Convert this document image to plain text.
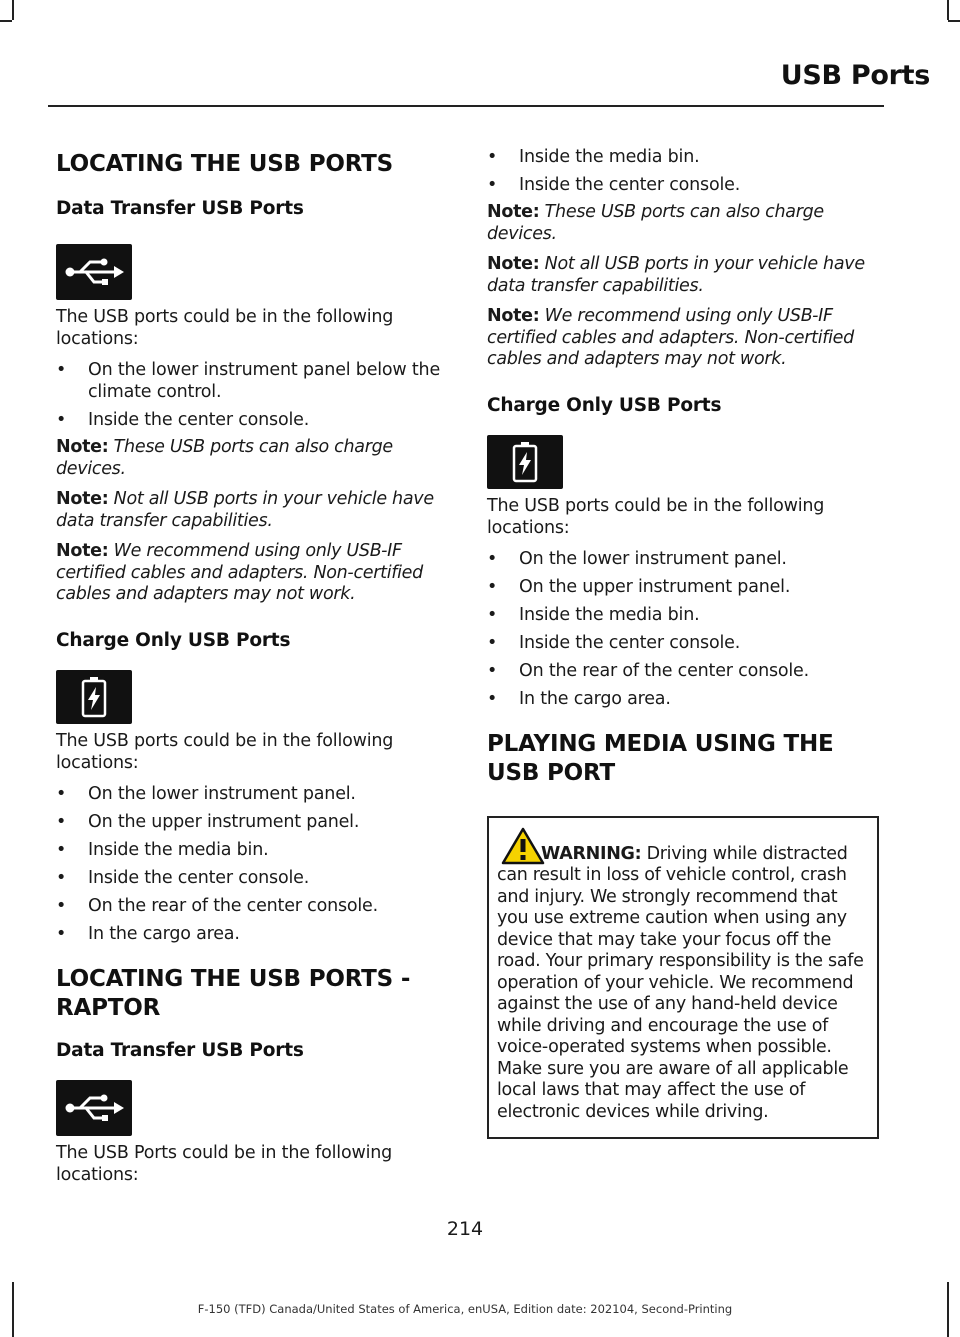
USB Ports
LOCATING THE USB PORTS
Data Transfer USB Ports

The USB ports could be in the following locations:

• On the lower instrument panel below the climate control.
• Inside the center console.

Note: These USB ports can also charge devices.

Note: Not all USB ports in your vehicle have data transfer capabilities.

Note: We recommend using only USB-IF certified cables and adapters. Non-certified cables and adapters may not work.

Charge Only USB Ports

The USB ports could be in the following locations:

• On the lower instrument panel.
• On the upper instrument panel.
• Inside the media bin.
• Inside the center console.
• On the rear of the center console.
• In the cargo area.
LOCATING THE USB PORTS -
RAPTOR
Data Transfer USB Ports

The USB Ports could be in the following locations:

• Inside the media bin.
• Inside the center console.

Note: These USB ports can also charge devices.

Note: Not all USB ports in your vehicle have data transfer capabilities.

Note: We recommend using only USB-IF certified cables and adapters. Non-certified cables and adapters may not work.

Charge Only USB Ports

The USB ports could be in the following locations:

• On the lower instrument panel.
• On the upper instrument panel.
• Inside the media bin.
• Inside the center console.
• On the rear of the center console.
• In the cargo area.
PLAYING MEDIA USING THE
USB PORT
WARNING: Driving while distracted can result in loss of vehicle control, crash and injury. We strongly recommend that you use extreme caution when using any device that may take your focus off the road. Your primary responsibility is the safe operation of your vehicle. We recommend against the use of any hand-held device while driving and encourage the use of voice-operated systems when possible. Make sure you are aware of all applicable local laws that may affect the use of electronic devices while driving.
214
F-150 (TFD) Canada/United States of America, enUSA, Edition date: 202104, Second-Printing
